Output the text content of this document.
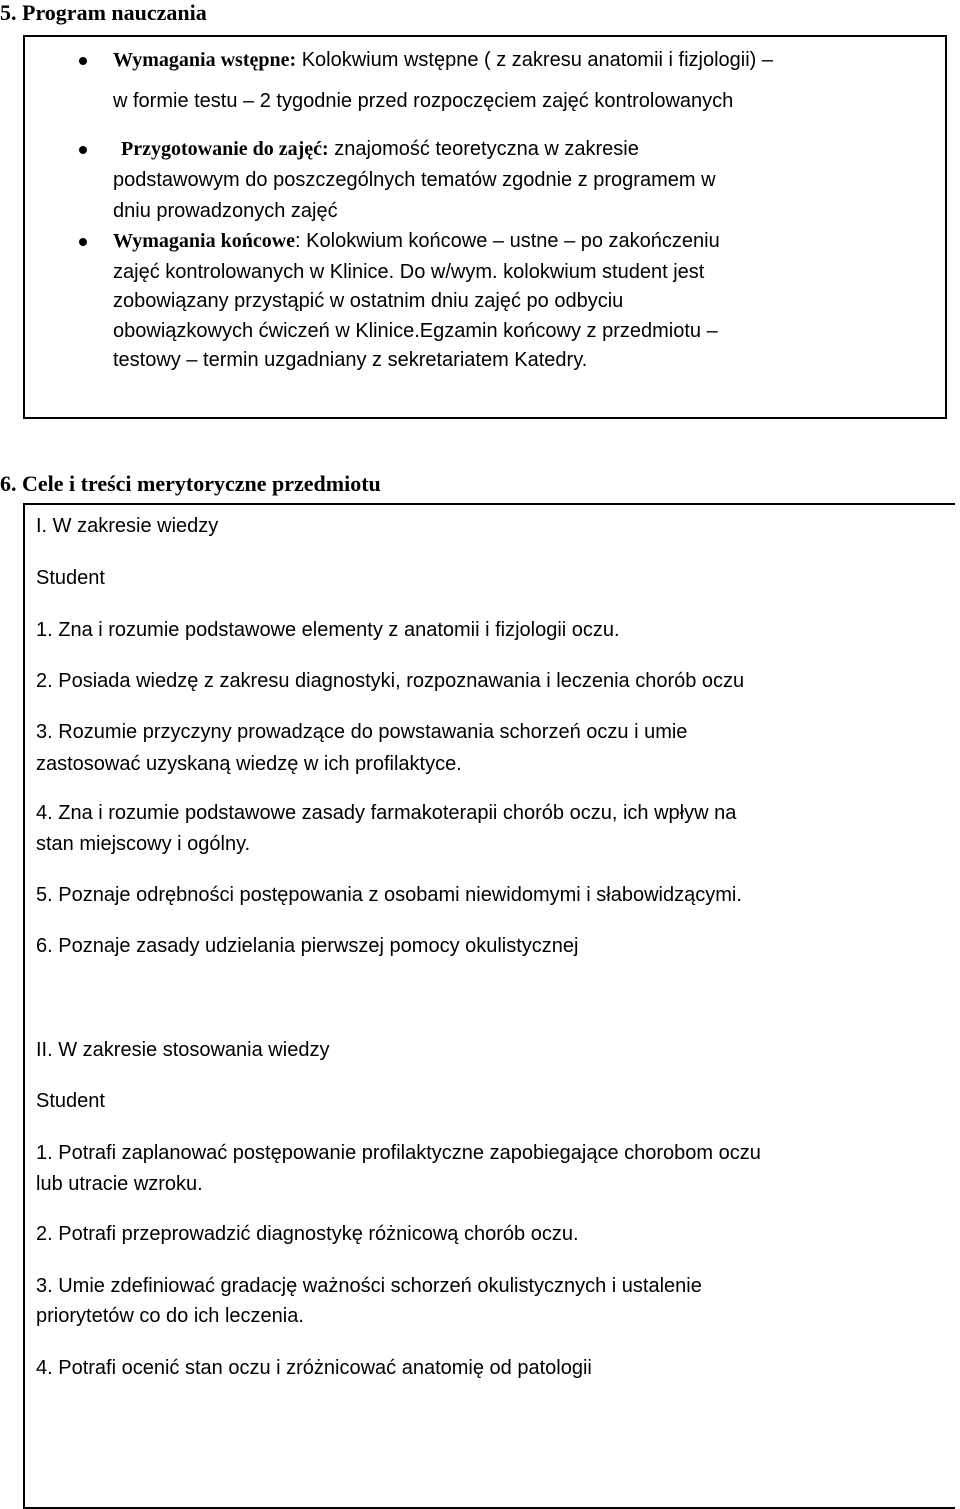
5. Program nauczania
Wymagania wstępne: Kolokwium wstępne ( z zakresu anatomii i fizjologii) –
w formie testu – 2 tygodnie przed rozpoczęciem zajęć kontrolowanych
Przygotowanie do zajęć: znajomość teoretyczna w zakresie
podstawowym do poszczególnych tematów zgodnie z programem w
dniu prowadzonych zajęć
Wymagania końcowe: Kolokwium końcowe – ustne – po zakończeniu
zajęć kontrolowanych w Klinice. Do w/wym. kolokwium student jest
zobowiązany przystąpić w ostatnim dniu zajęć po odbyciu
obowiązkowych ćwiczeń w Klinice.Egzamin końcowy z przedmiotu –
testowy – termin uzgadniany z sekretariatem Katedry.
6. Cele i treści merytoryczne przedmiotu
I. W zakresie wiedzy
Student
1. Zna i rozumie podstawowe elementy z anatomii i fizjologii oczu.
2. Posiada wiedzę z zakresu diagnostyki, rozpoznawania i leczenia chorób oczu
3. Rozumie przyczyny prowadzące do powstawania schorzeń oczu i umie
zastosować uzyskaną wiedzę w ich profilaktyce.
4. Zna i rozumie podstawowe zasady farmakoterapii chorób oczu, ich wpływ na
stan miejscowy i ogólny.
5. Poznaje odrębności postępowania z osobami niewidomymi i słabowidzącymi.
6. Poznaje zasady udzielania pierwszej pomocy okulistycznej
II. W zakresie stosowania wiedzy
Student
1. Potrafi zaplanować postępowanie profilaktyczne zapobiegające chorobom oczu
lub utracie wzroku.
2. Potrafi przeprowadzić diagnostykę różnicową chorób oczu.
3. Umie zdefiniować gradację ważności schorzeń okulistycznych i ustalenie
priorytetów co do ich leczenia.
4. Potrafi ocenić stan oczu i zróżnicować anatomię od patologii
